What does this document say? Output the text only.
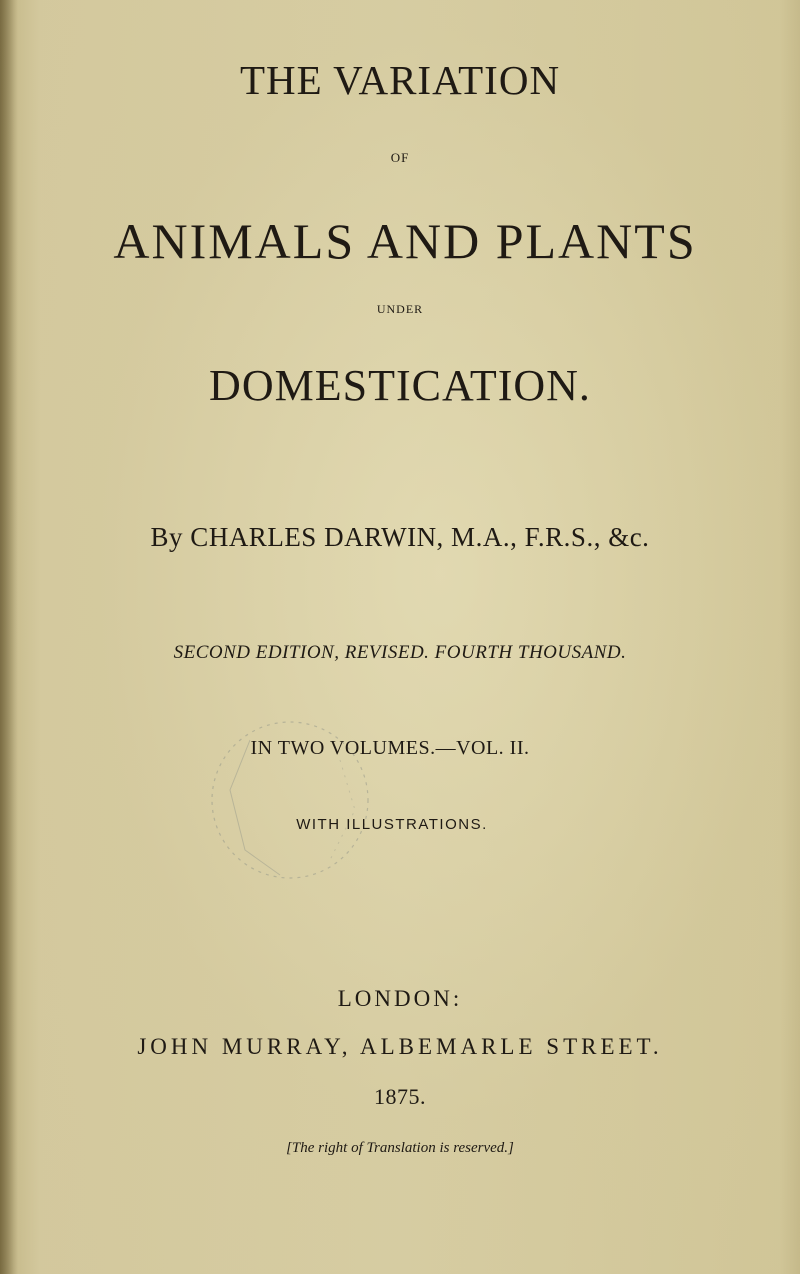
THE VARIATION
OF
ANIMALS AND PLANTS
UNDER
DOMESTICATION.
By CHARLES DARWIN, M.A., F.R.S., &c.
SECOND EDITION, REVISED. FOURTH THOUSAND.
IN TWO VOLUMES.—VOL. II.
WITH ILLUSTRATIONS.
LONDON:
JOHN MURRAY, ALBEMARLE STREET.
1875.
[The right of Translation is reserved.]
